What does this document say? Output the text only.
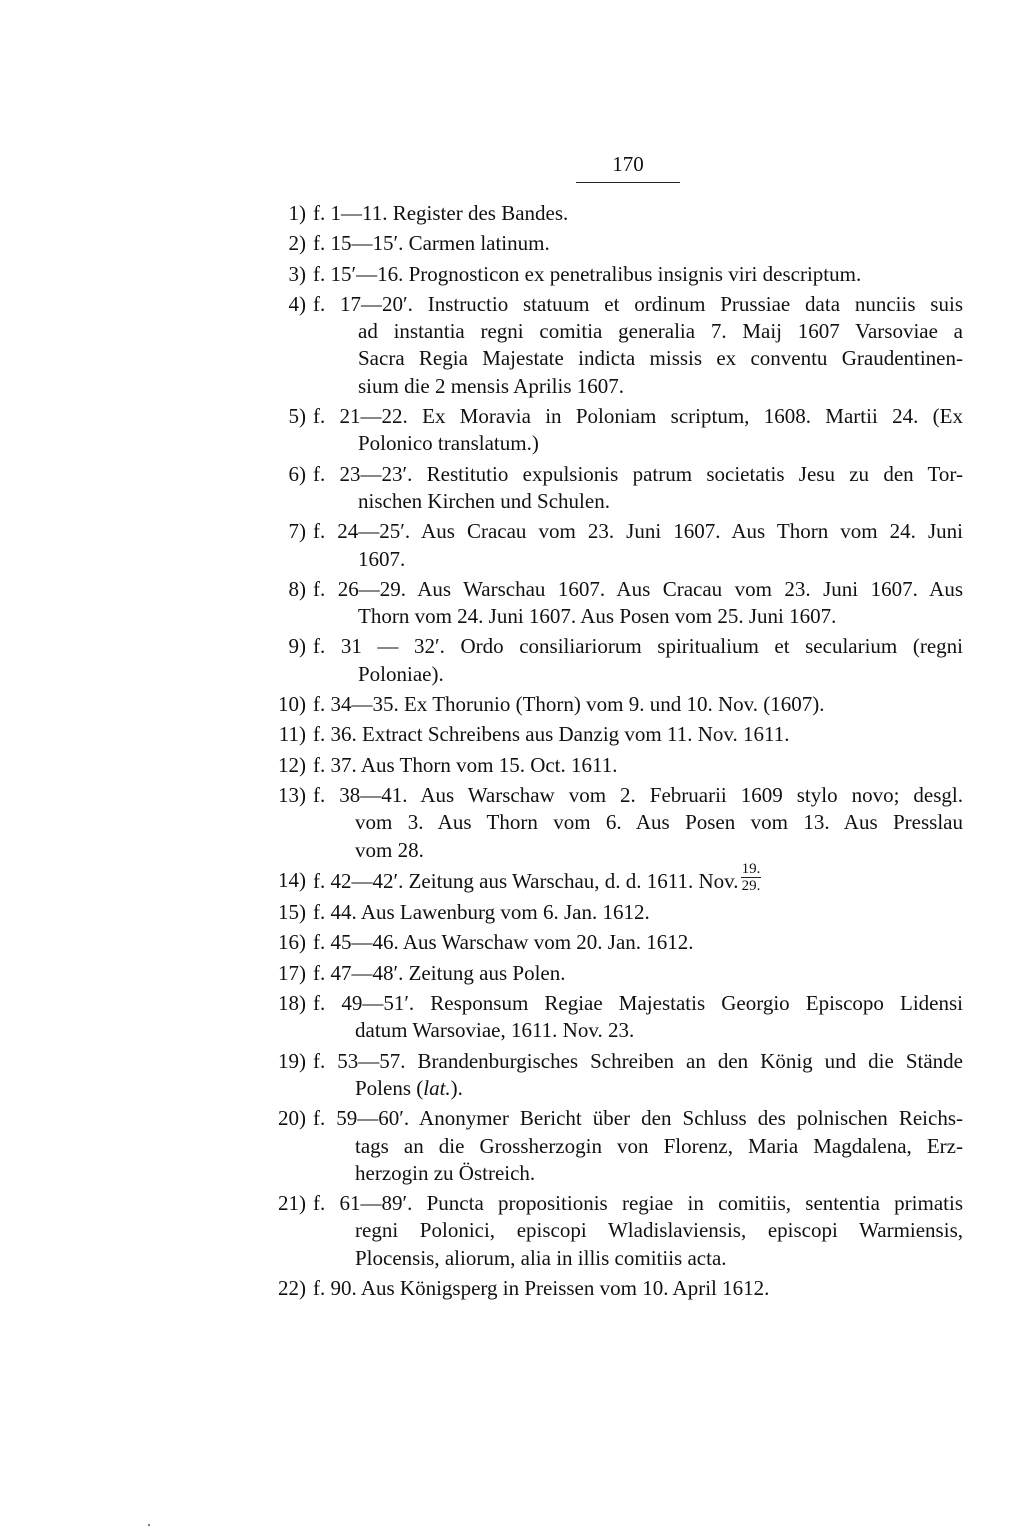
170
1) f. 1—11. Register des Bandes.
2) f. 15—15′. Carmen latinum.
3) f. 15′—16. Prognosticon ex penetralibus insignis viri descriptum.
4) f. 17—20′. Instructio statuum et ordinum Prussiae data nunciis suis
ad instantia regni comitia generalia 7. Maij 1607 Varsoviae a
Sacra Regia Majestate indicta missis ex conventu Graudentinen-
sium die 2 mensis Aprilis 1607.
5) f. 21—22. Ex Moravia in Poloniam scriptum, 1608. Martii 24. (Ex
Polonico translatum.)
6) f. 23—23′. Restitutio expulsionis patrum societatis Jesu zu den Tor-
nischen Kirchen und Schulen.
7) f. 24—25′. Aus Cracau vom 23. Juni 1607. Aus Thorn vom 24. Juni
1607.
8) f. 26—29. Aus Warschau 1607. Aus Cracau vom 23. Juni 1607. Aus
Thorn vom 24. Juni 1607. Aus Posen vom 25. Juni 1607.
9) f. 31 — 32′. Ordo consiliariorum spiritualium et secularium (regni
Poloniae).
10) f. 34—35. Ex Thorunio (Thorn) vom 9. und 10. Nov. (1607).
11) f. 36. Extract Schreibens aus Danzig vom 11. Nov. 1611.
12) f. 37. Aus Thorn vom 15. Oct. 1611.
13) f. 38—41. Aus Warschaw vom 2. Februarii 1609 stylo novo; desgl.
vom 3. Aus Thorn vom 6. Aus Posen vom 13. Aus Presslau
vom 28.
14) f. 42—42′. Zeitung aus Warschau, d. d. 1611. Nov. $\frac{19.}{29.}$
15) f. 44. Aus Lawenburg vom 6. Jan. 1612.
16) f. 45—46. Aus Warschaw vom 20. Jan. 1612.
17) f. 47—48′. Zeitung aus Polen.
18) f. 49—51′. Responsum Regiae Majestatis Georgio Episcopo Lidensi
datum Warsoviae, 1611. Nov. 23.
19) f. 53—57. Brandenburgisches Schreiben an den König und die Stände
Polens (lat.).
20) f. 59—60′. Anonymer Bericht über den Schluss des polnischen Reichs-
tags an die Grossherzogin von Florenz, Maria Magdalena, Erz-
herzogin zu Östreich.
21) f. 61—89′. Puncta propositionis regiae in comitiis, sententia primatis
regni Polonici, episcopi Wladislaviensis, episcopi Warmiensis,
Plocensis, aliorum, alia in illis comitiis acta.
22) f. 90. Aus Königsperg in Preissen vom 10. April 1612.
